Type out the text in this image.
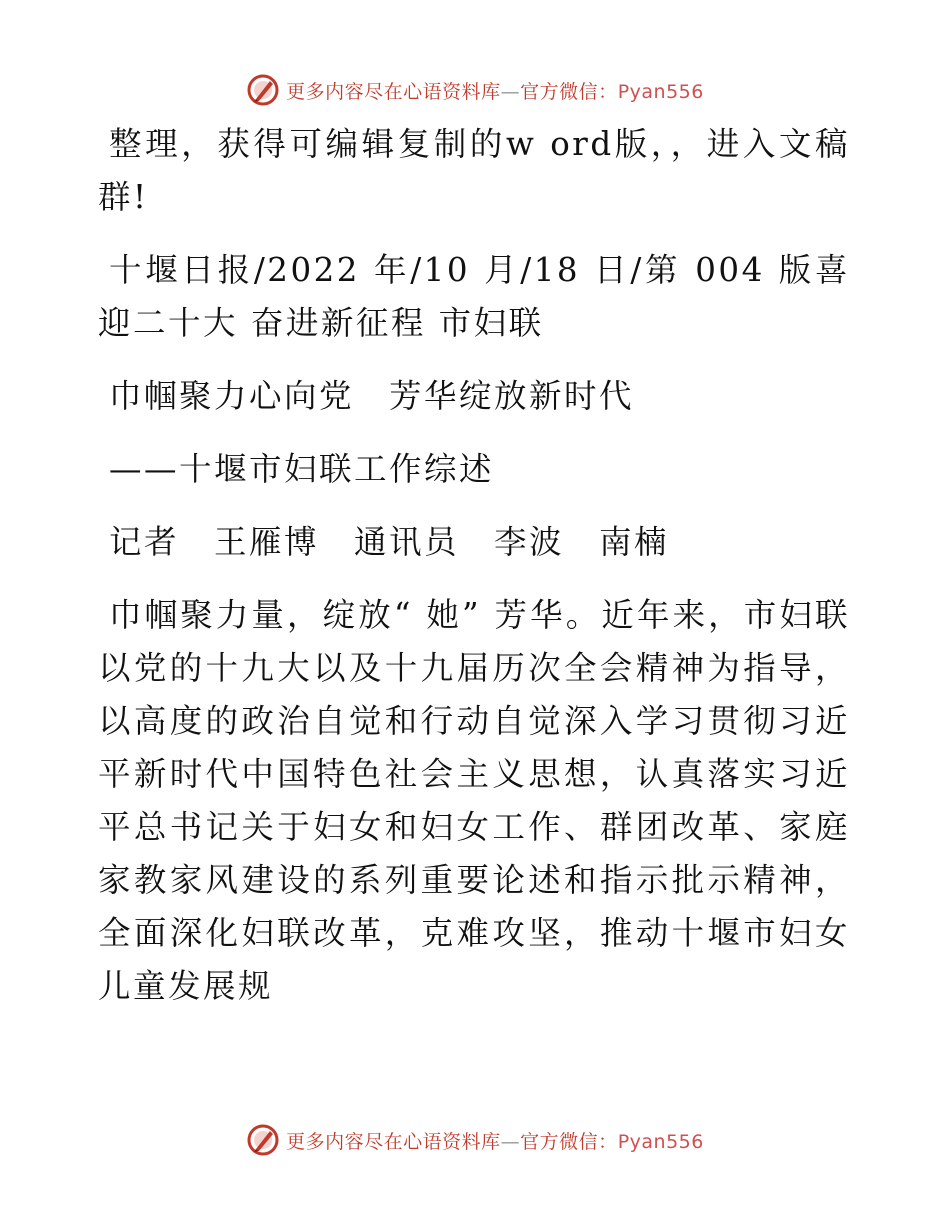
更多内容尽在心语资料库—官方微信：Pyan556

整理，获得可编辑复制的w ord版，，进入文稿群!

十堰日报/2022 年/10 月/18 日/第 004 版喜迎二十大 奋进新征程 市妇联

巾帼聚力心向党　芳华绽放新时代

——十堰市妇联工作综述

记者　王雁博　通讯员　李波　南楠

巾帼聚力量，绽放“ 她” 芳华。近年来，市妇联以党的十九大以及十九届历次全会精神为指导，以高度的政治自觉和行动自觉深入学习贯彻习近平新时代中国特色社会主义思想，认真落实习近平总书记关于妇女和妇女工作、群团改革、家庭家教家风建设的系列重要论述和指示批示精神，全面深化妇联改革，克难攻坚，推动十堰市妇女儿童发展规

更多内容尽在心语资料库—官方微信：Pyan556
